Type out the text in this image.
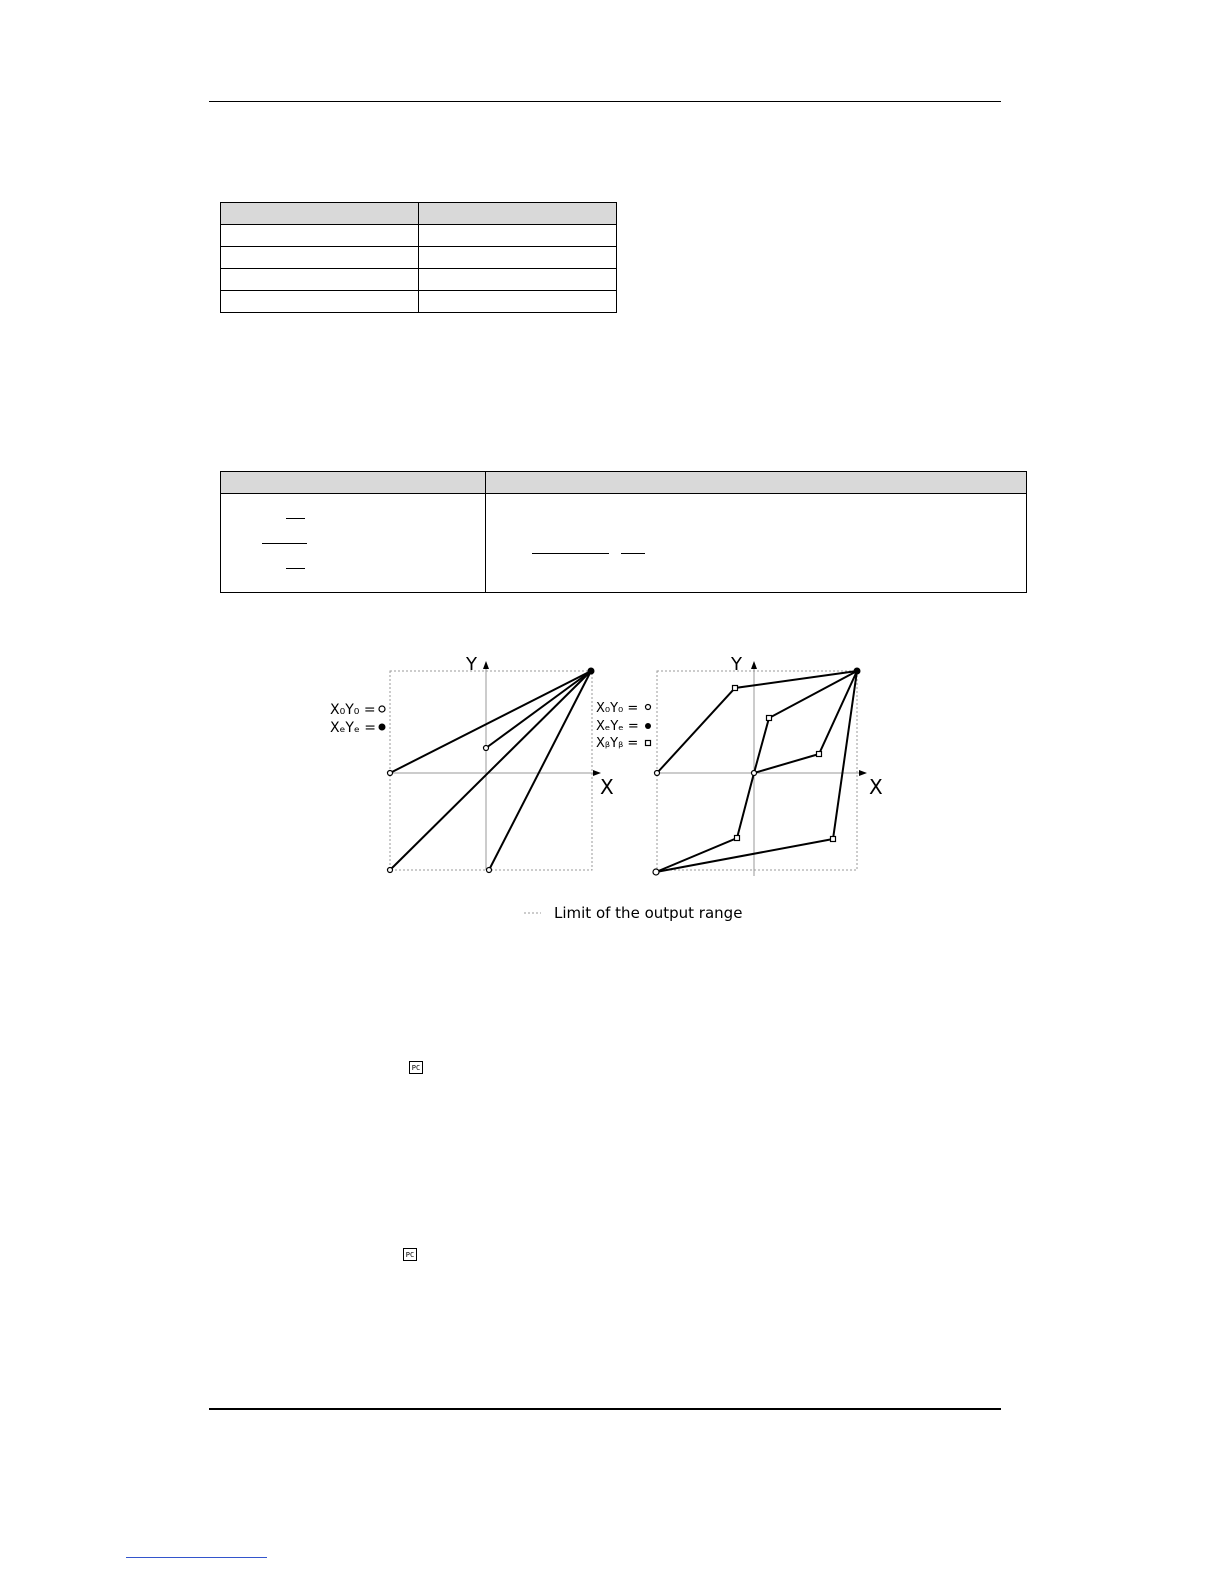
Y
X
X₀Y₀ =
XₑYₑ =
Y
X
X₀Y₀ =
XₑYₑ =
XᵦYᵦ =
Limit of the output range
PC
PC
